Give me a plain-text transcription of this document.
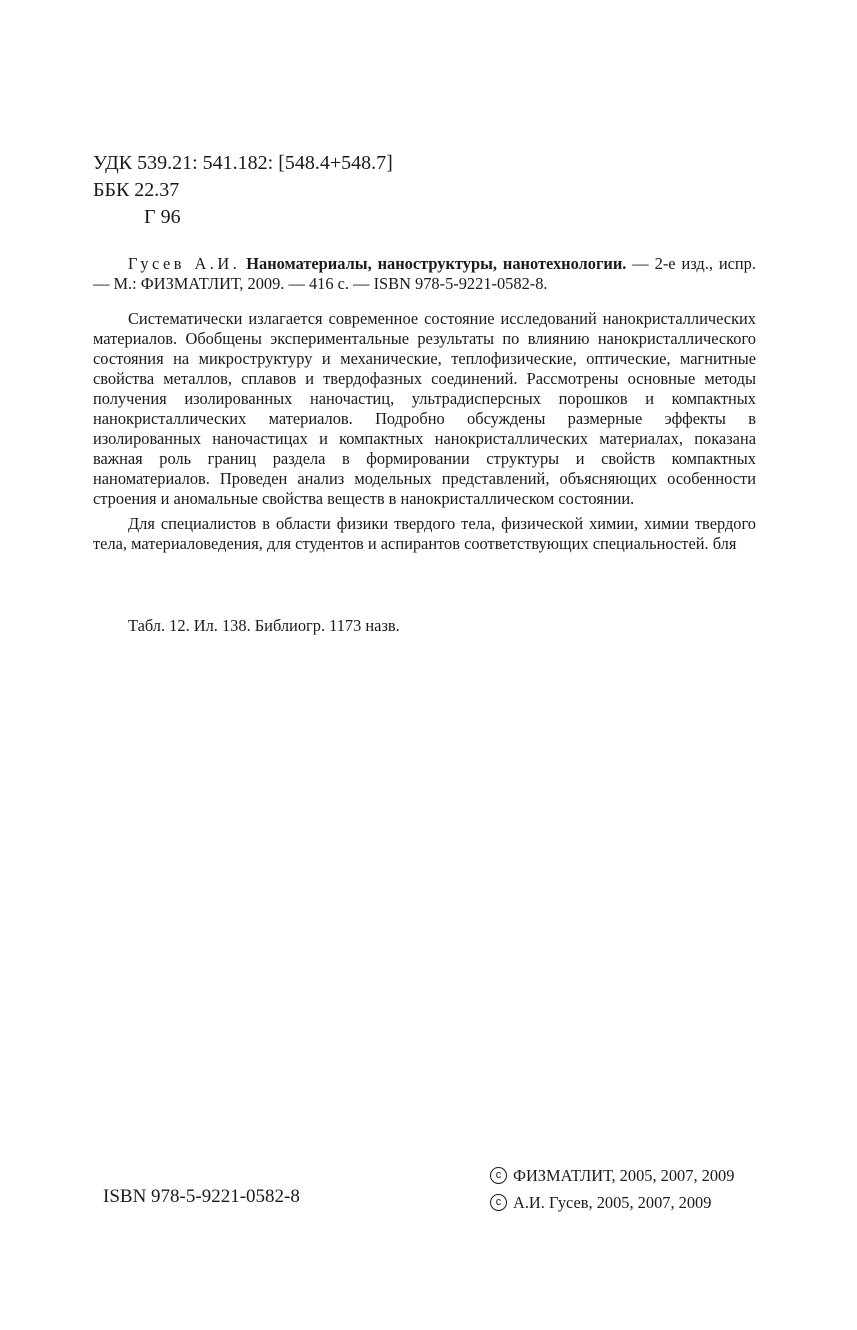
УДК 539.21: 541.182: [548.4+548.7]
ББК 22.37
Г 96

Гусев А.И. Наноматериалы, наноструктуры, нанотехнологии. — 2-е изд., испр. — М.: ФИЗМАТЛИТ, 2009. — 416 с. — ISBN 978-5-9221-0582-8.

Систематически излагается современное состояние исследований нанокристаллических материалов. Обобщены экспериментальные результаты по влиянию нанокристаллического состояния на микроструктуру и механические, теплофизические, оптические, магнитные свойства металлов, сплавов и твердофазных соединений. Рассмотрены основные методы получения изолированных наночастиц, ультрадисперсных порошков и компактных нанокристаллических материалов. Подробно обсуждены размерные эффекты в изолированных наночастицах и компактных нанокристаллических материалах, показана важная роль границ раздела в формировании структуры и свойств компактных наноматериалов. Проведен анализ модельных представлений, объясняющих особенности строения и аномальные свойства веществ в нанокристаллическом состоянии.

Для специалистов в области физики твердого тела, физической химии, химии твердого тела, материаловедения, для студентов и аспирантов соответствующих специальностей. бля

Табл. 12. Ил. 138. Библиогр. 1173 назв.
ISBN 978-5-9221-0582-8
c ФИЗМАТЛИТ, 2005, 2007, 2009
c А.И. Гусев, 2005, 2007, 2009
